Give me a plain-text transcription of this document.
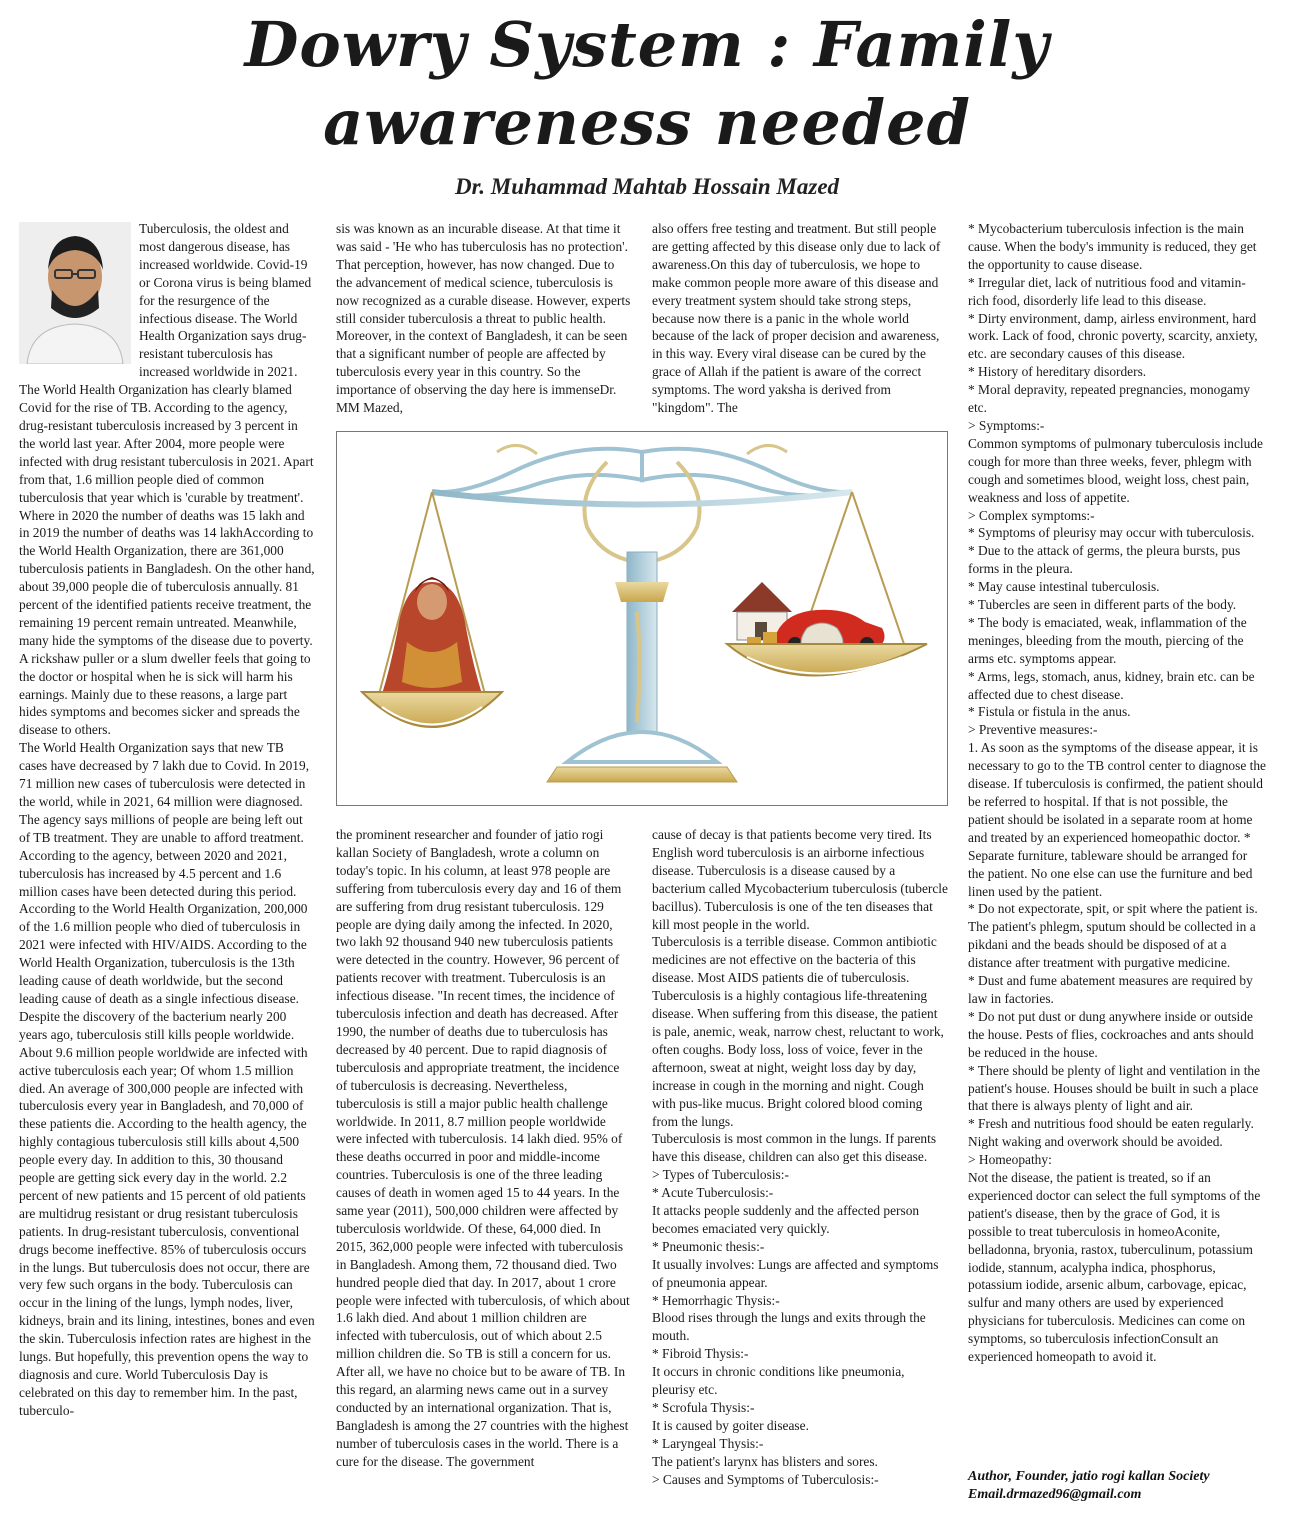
Dowry System : Family
awareness needed
Dr. Muhammad Mahtab Hossain Mazed

Tuberculosis, the oldest and most dangerous disease, has increased worldwide. Covid-19 or Corona virus is being blamed for the resurgence of the infectious disease. The World Health Organization says drug-resistant tuberculosis has increased worldwide in 2021. The World Health Organization has clearly blamed Covid for the rise of TB. According to the agency, drug-resistant tuberculosis increased by 3 percent in the world last year. After 2004, more people were infected with drug resistant tuberculosis in 2021. Apart from that, 1.6 million people died of common tuberculosis that year which is 'curable by treatment'. Where in 2020 the number of deaths was 15 lakh and in 2019 the number of deaths was 14 lakhAccording to the World Health Organization, there are 361,000 tuberculosis patients in Bangladesh. On the other hand, about 39,000 people die of tuberculosis annually. 81 percent of the identified patients receive treatment, the remaining 19 percent remain untreated. Meanwhile, many hide the symptoms of the disease due to poverty. A rickshaw puller or a slum dweller feels that going to the doctor or hospital when he is sick will harm his earnings. Mainly due to these reasons, a large part hides symptoms and becomes sicker and spreads the disease to others.
The World Health Organization says that new TB cases have decreased by 7 lakh due to Covid. In 2019, 71 million new cases of tuberculosis were detected in the world, while in 2021, 64 million were diagnosed. The agency says millions of people are being left out of TB treatment. They are unable to afford treatment. According to the agency, between 2020 and 2021, tuberculosis has increased by 4.5 percent and 1.6 million cases have been detected during this period.
According to the World Health Organization, 200,000 of the 1.6 million people who died of tuberculosis in 2021 were infected with HIV/AIDS. According to the World Health Organization, tuberculosis is the 13th leading cause of death worldwide, but the second leading cause of death as a single infectious disease.
Despite the discovery of the bacterium nearly 200 years ago, tuberculosis still kills people worldwide. About 9.6 million people worldwide are infected with active tuberculosis each year; Of whom 1.5 million died. An average of 300,000 people are infected with tuberculosis every year in Bangladesh, and 70,000 of these patients die. According to the health agency, the highly contagious tuberculosis still kills about 4,500 people every day. In addition to this, 30 thousand people are getting sick every day in the world. 2.2 percent of new patients and 15 percent of old patients are multidrug resistant or drug resistant tuberculosis patients. In drug-resistant tuberculosis, conventional drugs become ineffective. 85% of tuberculosis occurs in the lungs. But tuberculosis does not occur, there are very few such organs in the body. Tuberculosis can occur in the lining of the lungs, lymph nodes, liver, kidneys, brain and its lining, intestines, bones and even the skin. Tuberculosis infection rates are highest in the lungs. But hopefully, this prevention opens the way to diagnosis and cure. World Tuberculosis Day is celebrated on this day to remember him. In the past, tuberculo-

sis was known as an incurable disease. At that time it was said - 'He who has tuberculosis has no protection'. That perception, however, has now changed. Due to the advancement of medical science, tuberculosis is now recognized as a curable disease. However, experts still consider tuberculosis a threat to public health. Moreover, in the context of Bangladesh, it can be seen that a significant number of people are affected by tuberculosis every year in this country. So the importance of observing the day here is immenseDr. MM Mazed,

also offers free testing and treatment. But still people are getting affected by this disease only due to lack of awareness.On this day of tuberculosis, we hope to make common people more aware of this disease and every treatment system should take strong steps, because now there is a panic in the whole world because of the lack of proper decision and awareness, in this way. Every viral disease can be cured by the grace of Allah if the patient is aware of the correct symptoms. The word yaksha is derived from "kingdom". The

the prominent researcher and founder of jatio rogi kallan Society of Bangladesh, wrote a column on today's topic. In his column, at least 978 people are suffering from tuberculosis every day and 16 of them are suffering from drug resistant tuberculosis. 129 people are dying daily among the infected. In 2020, two lakh 92 thousand 940 new tuberculosis patients were detected in the country. However, 96 percent of patients recover with treatment. Tuberculosis is an infectious disease. "In recent times, the incidence of tuberculosis infection and death has decreased. After 1990, the number of deaths due to tuberculosis has decreased by 40 percent. Due to rapid diagnosis of tuberculosis and appropriate treatment, the incidence of tuberculosis is decreasing. Nevertheless, tuberculosis is still a major public health challenge worldwide. In 2011, 8.7 million people worldwide were infected with tuberculosis. 14 lakh died. 95% of these deaths occurred in poor and middle-income countries. Tuberculosis is one of the three leading causes of death in women aged 15 to 44 years. In the same year (2011), 500,000 children were affected by tuberculosis worldwide. Of these, 64,000 died. In 2015, 362,000 people were infected with tuberculosis in Bangladesh. Among them, 72 thousand died. Two hundred people died that day. In 2017, about 1 crore people were infected with tuberculosis, of which about 1.6 lakh died. And about 1 million children are infected with tuberculosis, out of which about 2.5 million children die. So TB is still a concern for us. After all, we have no choice but to be aware of TB. In this regard, an alarming news came out in a survey conducted by an international organization. That is, Bangladesh is among the 27 countries with the highest number of tuberculosis cases in the world. There is a cure for the disease. The government

cause of decay is that patients become very tired. Its English word tuberculosis is an airborne infectious disease. Tuberculosis is a disease caused by a bacterium called Mycobacterium tuberculosis (tubercle bacillus). Tuberculosis is one of the ten diseases that kill most people in the world.
Tuberculosis is a terrible disease. Common antibiotic medicines are not effective on the bacteria of this disease. Most AIDS patients die of tuberculosis. Tuberculosis is a highly contagious life-threatening disease. When suffering from this disease, the patient is pale, anemic, weak, narrow chest, reluctant to work, often coughs. Body loss, loss of voice, fever in the afternoon, sweat at night, weight loss day by day, increase in cough in the morning and night. Cough with pus-like mucus. Bright colored blood coming from the lungs.
Tuberculosis is most common in the lungs. If parents have this disease, children can also get this disease.
> Types of Tuberculosis:-
* Acute Tuberculosis:-
It attacks people suddenly and the affected person becomes emaciated very quickly.
* Pneumonic thesis:-
It usually involves: Lungs are affected and symptoms of pneumonia appear.
* Hemorrhagic Thysis:-
Blood rises through the lungs and exits through the mouth.
* Fibroid Thysis:-
It occurs in chronic conditions like pneumonia, pleurisy etc.
* Scrofula Thysis:-
It is caused by goiter disease.
* Laryngeal Thysis:-
The patient's larynx has blisters and sores.
> Causes and Symptoms of Tuberculosis:-

* Mycobacterium tuberculosis infection is the main cause. When the body's immunity is reduced, they get the opportunity to cause disease.
* Irregular diet, lack of nutritious food and vitamin-rich food, disorderly life lead to this disease.
* Dirty environment, damp, airless environment, hard work. Lack of food, chronic poverty, scarcity, anxiety, etc. are secondary causes of this disease.
* History of hereditary disorders.
* Moral depravity, repeated pregnancies, monogamy etc.
> Symptoms:-
Common symptoms of pulmonary tuberculosis include cough for more than three weeks, fever, phlegm with cough and sometimes blood, weight loss, chest pain, weakness and loss of appetite.
> Complex symptoms:-
* Symptoms of pleurisy may occur with tuberculosis.
* Due to the attack of germs, the pleura bursts, pus forms in the pleura.
* May cause intestinal tuberculosis.
* Tubercles are seen in different parts of the body.
* The body is emaciated, weak, inflammation of the meninges, bleeding from the mouth, piercing of the arms etc. symptoms appear.
* Arms, legs, stomach, anus, kidney, brain etc. can be affected due to chest disease.
* Fistula or fistula in the anus.
> Preventive measures:-
1. As soon as the symptoms of the disease appear, it is necessary to go to the TB control center to diagnose the disease. If tuberculosis is confirmed, the patient should be referred to hospital. If that is not possible, the patient should be isolated in a separate room at home and treated by an experienced homeopathic doctor. * Separate furniture, tableware should be arranged for the patient. No one else can use the furniture and bed linen used by the patient.
* Do not expectorate, spit, or spit where the patient is. The patient's phlegm, sputum should be collected in a pikdani and the beads should be disposed of at a distance after treatment with purgative medicine.
* Dust and fume abatement measures are required by law in factories.
* Do not put dust or dung anywhere inside or outside the house. Pests of flies, cockroaches and ants should be reduced in the house.
* There should be plenty of light and ventilation in the patient's house. Houses should be built in such a place that there is always plenty of light and air.
* Fresh and nutritious food should be eaten regularly. Night waking and overwork should be avoided.
> Homeopathy:
Not the disease, the patient is treated, so if an experienced doctor can select the full symptoms of the patient's disease, then by the grace of God, it is possible to treat tuberculosis in homeoAconite, belladonna, bryonia, rastox, tuberculinum, potassium iodide, stannum, acalypha indica, phosphorus, potassium iodide, arsenic album, carbovage, epicac, sulfur and many others are used by experienced physicians for tuberculosis. Medicines can come on symptoms, so tuberculosis infectionConsult an experienced homeopath to avoid it.

Author, Founder, jatio rogi kallan Society
Email.drmazed96@gmail.com
